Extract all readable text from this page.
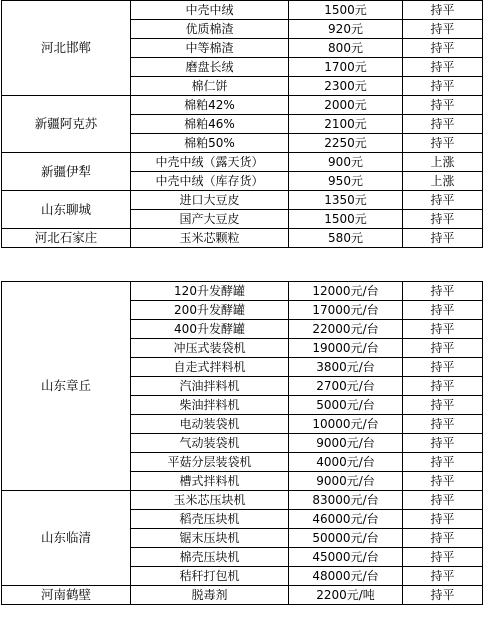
河北邯郸	中壳中绒	1500元	持平
	优质棉渣	920元	持平
	中等棉渣	800元	持平
	磨盘长绒	1700元	持平
	棉仁饼	2300元	持平
新疆阿克苏	棉粕42%	2000元	持平
	棉粕46%	2100元	持平
	棉粕50%	2250元	持平
新疆伊犁	中壳中绒（露天货）	900元	上涨
	中壳中绒（库存货）	950元	上涨
山东聊城	进口大豆皮	1350元	持平
	国产大豆皮	1500元	持平
河北石家庄	玉米芯颗粒	580元	持平
山东章丘	120升发酵罐	12000元/台	持平
	200升发酵罐	17000元/台	持平
	400升发酵罐	22000元/台	持平
	冲压式装袋机	19000元/台	持平
	自走式拌料机	3800元/台	持平
	汽油拌料机	2700元/台	持平
	柴油拌料机	5000元/台	持平
	电动装袋机	10000元/台	持平
	气动装袋机	9000元/台	持平
	平菇分层装袋机	4000元/台	持平
	槽式拌料机	9000元/台	持平
山东临清	玉米芯压块机	83000元/台	持平
	稻壳压块机	46000元/台	持平
	锯末压块机	50000元/台	持平
	棉壳压块机	45000元/台	持平
	秸秆打包机	48000元/台	持平
河南鹤壁	脱毒剂	2200元/吨	持平
